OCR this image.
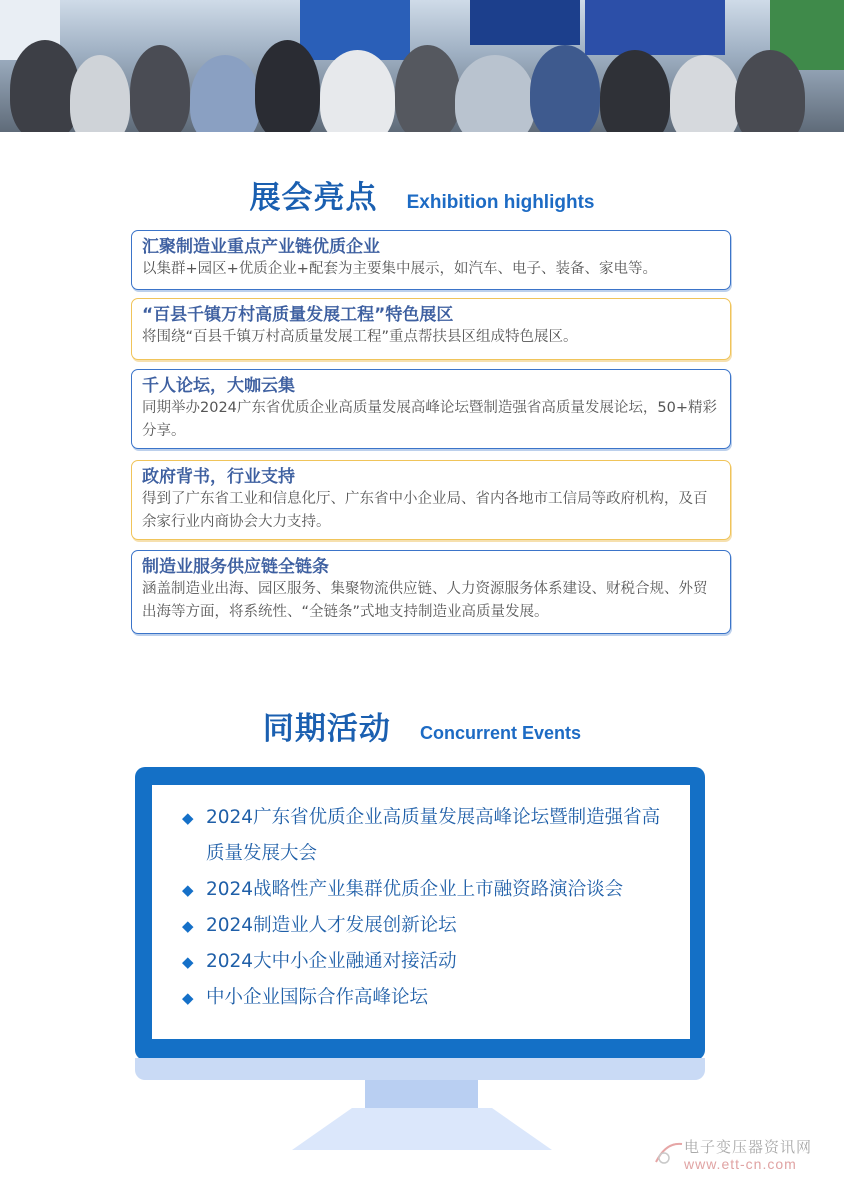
展会亮点 Exhibition highlights
汇聚制造业重点产业链优质企业
以集群+园区+优质企业+配套为主要集中展示，如汽车、电子、装备、家电等。
“百县千镇万村高质量发展工程”特色展区
将围绕“百县千镇万村高质量发展工程”重点帮扶县区组成特色展区。
千人论坛，大咖云集
同期举办2024广东省优质企业高质量发展高峰论坛暨制造强省高质量发展论坛，50+精彩分享。
政府背书，行业支持
得到了广东省工业和信息化厅、广东省中小企业局、省内各地市工信局等政府机构，及百余家行业内商协会大力支持。
制造业服务供应链全链条
涵盖制造业出海、园区服务、集聚物流供应链、人力资源服务体系建设、财税合规、外贸出海等方面，将系统性、“全链条”式地支持制造业高质量发展。
同期活动 Concurrent Events
◆ 2024广东省优质企业高质量发展高峰论坛暨制造强省高质量发展大会
◆ 2024战略性产业集群优质企业上市融资路演洽谈会
◆ 2024制造业人才发展创新论坛
◆ 2024大中小企业融通对接活动
◆ 中小企业国际合作高峰论坛
电子变压器资讯网
www.ett-cn.com
